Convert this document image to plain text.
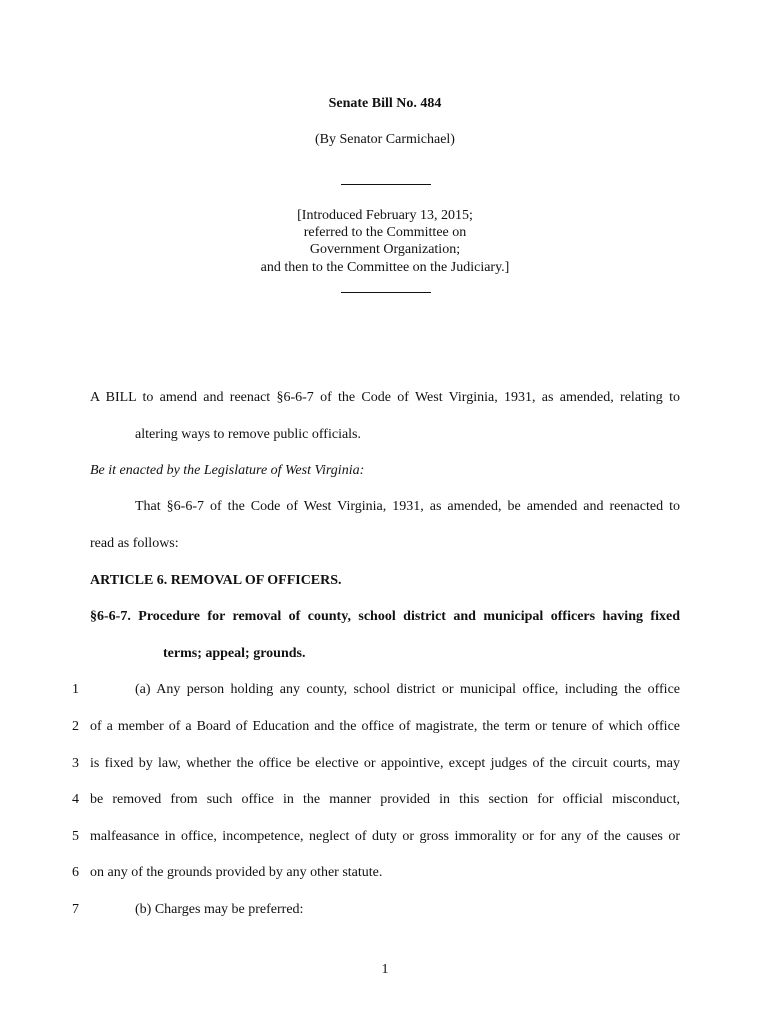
Senate Bill No. 484
(By Senator Carmichael)
[Introduced February 13, 2015;
referred to the Committee on
Government Organization;
and then to the Committee on the Judiciary.]
A BILL to amend and reenact §6-6-7 of the Code of West Virginia, 1931, as amended, relating to
altering ways to remove public officials.
Be it enacted by the Legislature of West Virginia:
That §6-6-7 of the Code of West Virginia, 1931, as amended, be amended and reenacted to
read as follows:
ARTICLE 6. REMOVAL OF OFFICERS.
§6-6-7. Procedure for removal of county, school district and municipal officers having fixed
terms; appeal; grounds.
1	(a) Any person holding any county, school district or municipal office, including the office
2 of a member of a Board of Education and the office of magistrate, the term or tenure of which office
3 is fixed by law, whether the office be elective or appointive, except judges of the circuit courts, may
4 be removed from such office in the manner provided in this section for official misconduct,
5 malfeasance in office, incompetence, neglect of duty or gross immorality or for any of the causes or
6 on any of the grounds provided by any other statute.
7	(b) Charges may be preferred:
1
